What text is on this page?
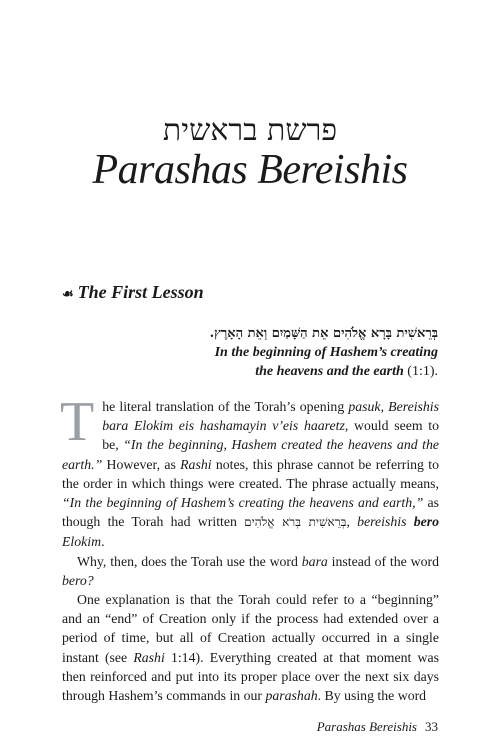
פרשת בראשית
Parashas Bereishis
☙ The First Lesson
בְּרֵאשִׁית בָּרָא אֱלֹהִים אֵת הַשָּׁמַיִם וְאֵת הָאָרֶץ.
In the beginning of Hashem’s creating
the heavens and the earth (1:1).

The literal translation of the Torah’s opening pasuk, Bereishis bara Elokim eis hashamayin v’eis haaretz, would seem to be, “In the beginning, Hashem created the heavens and the earth.” However, as Rashi notes, this phrase cannot be referring to the order in which things were created. The phrase actually means, “In the beginning of Hashem’s creating the heavens and earth,” as though the Torah had written בְּרֵאשִׁית בְּרֹא אֱלֹהִים, bereishis bero Elokim.

Why, then, does the Torah use the word bara instead of the word bero?

One explanation is that the Torah could refer to a “beginning” and an “end” of Creation only if the process had extended over a period of time, but all of Creation actually occurred in a single instant (see Rashi 1:14). Everything created at that moment was then reinforced and put into its proper place over the next six days through Hashem’s commands in our parashah. By using the word

Parashas Bereishis 33
